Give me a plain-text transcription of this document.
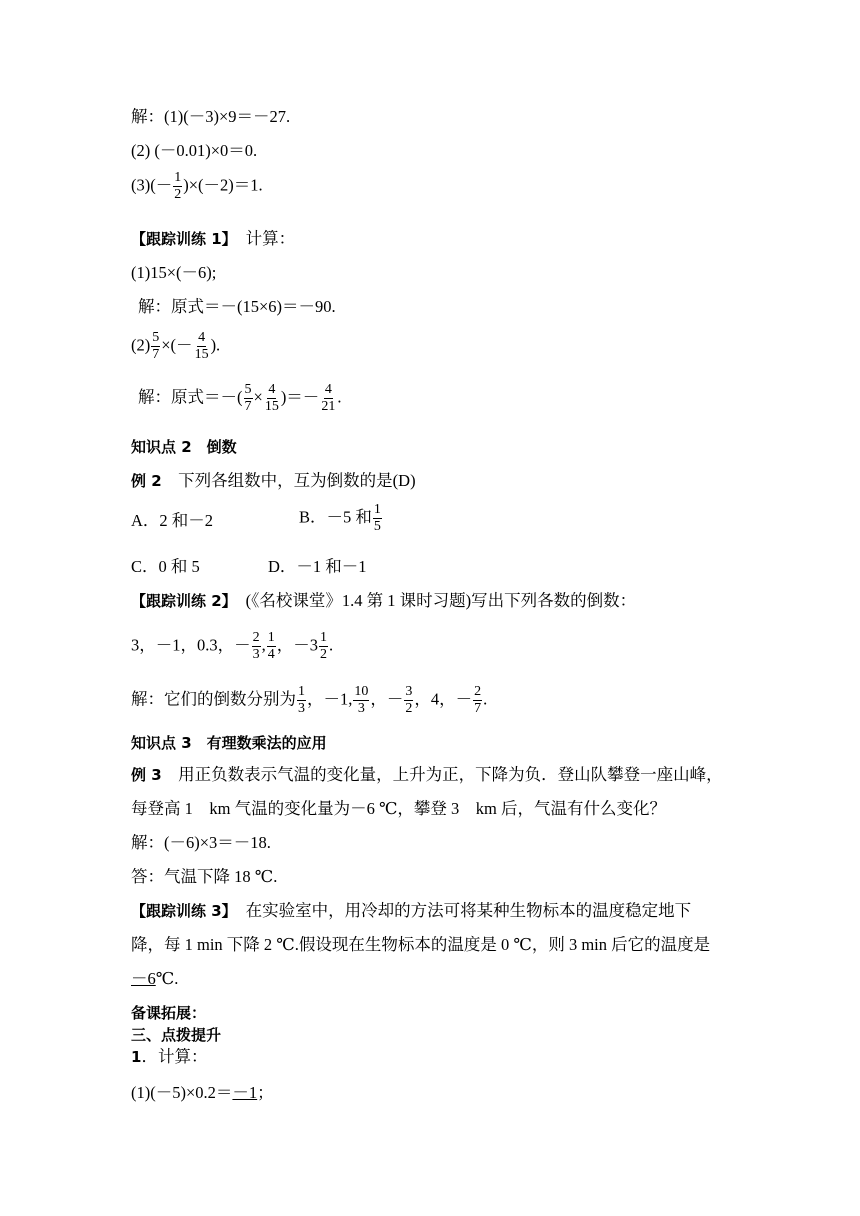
解：(1)(－3)×9＝－27.
(2) (－0.01)×0＝0.
$(3)(- \frac{1}{2} )\times(-2)=1$.
【跟踪训练 1】　计算：
(1)15×(－6);
解：原式＝－(15×6)＝－90.
$(2) \frac{5}{7}$ ×(－ $\frac{4}{15}$ ).
解：原式＝－( $\frac{5}{7} \times \frac{4}{15}$ )＝－ $\frac{4}{21}$ .
知识点 2　倒数
例 2　下列各组数中，互为倒数的是(D)
A．2 和－2	B．－5 和 $\frac{1}{5}$
C．0 和 5	D．－1 和－1
【跟踪训练 2】　(《名校课堂》1.4 第 1 课时习题)写出下列各数的倒数：
3，－1，0.3，－ $\frac{2}{3}$ , $\frac{1}{4}$ ，$-3 \frac{1}{2}$ .
解：它们的倒数分别为 $\frac{1}{3}$ ，－1, $\frac{10}{3}$ ，－ $\frac{3}{2}$ ，4，－ $\frac{2}{7}$ .
知识点 3　有理数乘法的应用
例 3　用正负数表示气温的变化量，上升为正，下降为负．登山队攀登一座山峰，
每登高 1　km 气温的变化量为－6 ℃，攀登 3　km 后，气温有什么变化？
解：(－6)×3＝－18.
答：气温下降 18 ℃.
【跟踪训练 3】　在实验室中，用冷却的方法可将某种生物标本的温度稳定地下
降，每 1 min 下降 2 ℃.假设现在生物标本的温度是 0 ℃，则 3 min 后它的温度是
－6℃.
备课拓展：
三、点拨提升
1．计算：
(1)(－5)×0.2＝－1；
